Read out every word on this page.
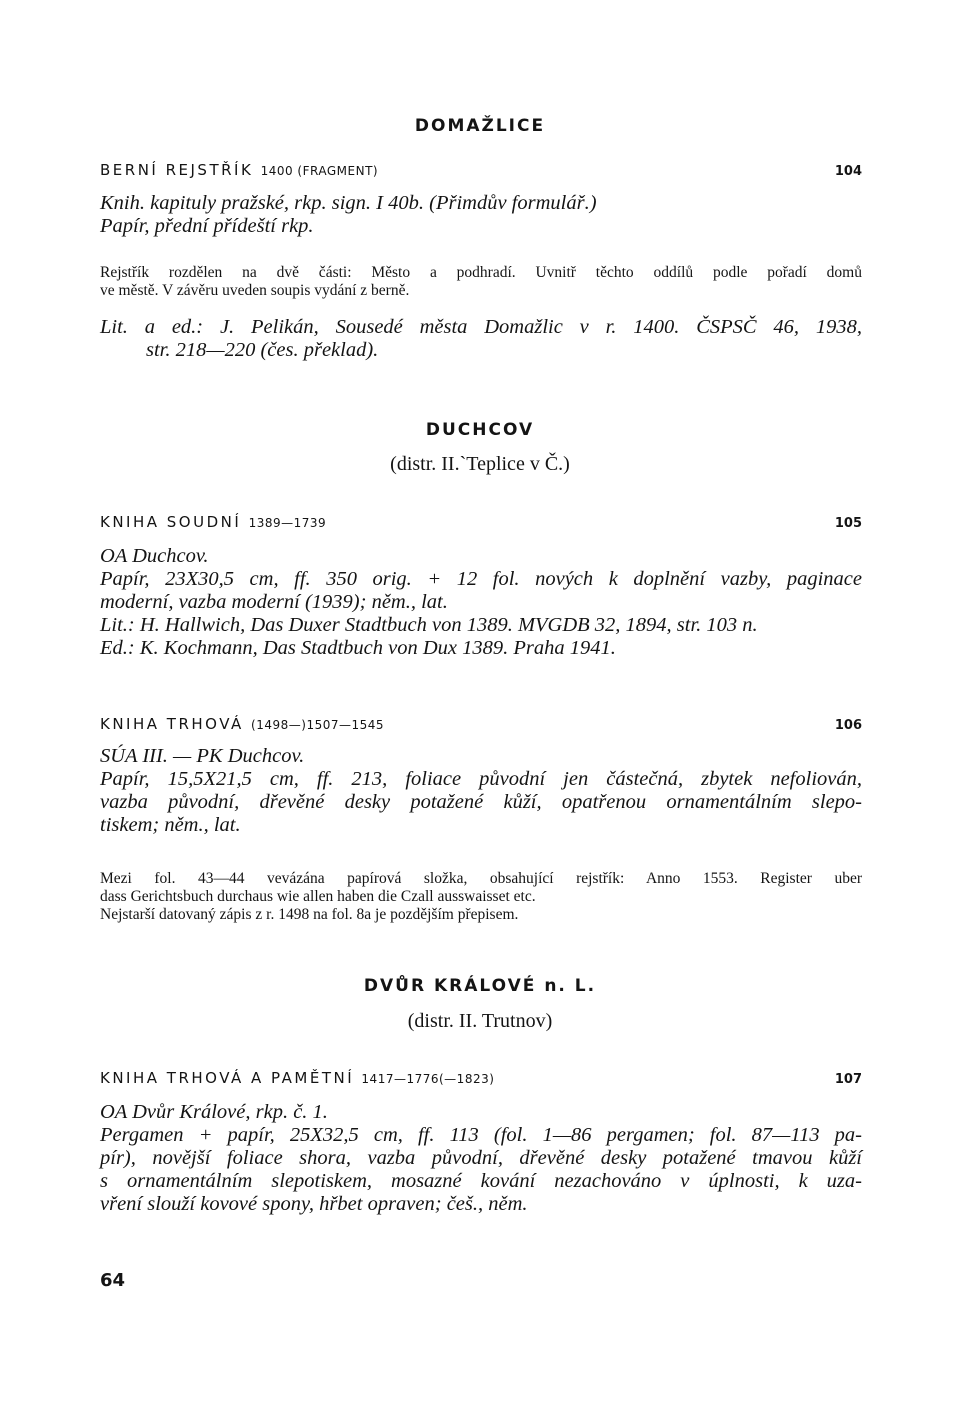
DOMAŽLICE
BERNÍ REJSTŘÍK 1400 (FRAGMENT)	104
Knih. kapituly pražské, rkp. sign. I 40b. (Přimdův formulář.)
Papír, přední přídeští rkp.
Rejstřík rozdělen na dvě části: Město a podhradí. Uvnitř těchto oddílů podle pořadí domů
ve městě. V závěru uveden soupis vydání z berně.
Lit. a ed.: J. Pelikán, Sousedé města Domažlic v r. 1400. ČSPSČ 46, 1938,
str. 218—220 (čes. překlad).
DUCHCOV
(distr. II.`Teplice v Č.)
KNIHA SOUDNÍ 1389—1739	105
OA Duchcov.
Papír, 23X30,5 cm, ff. 350 orig. + 12 fol. nových k doplnění vazby, paginace
moderní, vazba moderní (1939); něm., lat.
Lit.: H. Hallwich, Das Duxer Stadtbuch von 1389. MVGDB 32, 1894, str. 103 n.
Ed.: K. Kochmann, Das Stadtbuch von Dux 1389. Praha 1941.
KNIHA TRHOVÁ (1498—)1507—1545	106
SÚA III. — PK Duchcov.
Papír, 15,5X21,5 cm, ff. 213, foliace původní jen částečná, zbytek nefoliován,
vazba původní, dřevěné desky potažené kůží, opatřenou ornamentálním slepo-
tiskem; něm., lat.
Mezi fol. 43—44 vevázána papírová složka, obsahující rejstřík: Anno 1553. Register uber
dass Gerichtsbuch durchaus wie allen haben die Czall ausswaisset etc.
Nejstarší datovaný zápis z r. 1498 na fol. 8a je pozdějším přepisem.
DVŮR KRÁLOVÉ n. L.
(distr. II. Trutnov)
KNIHA TRHOVÁ A PAMĚTNÍ 1417—1776(—1823)	107
OA Dvůr Králové, rkp. č. 1.
Pergamen + papír, 25X32,5 cm, ff. 113 (fol. 1—86 pergamen; fol. 87—113 pa-
pír), novější foliace shora, vazba původní, dřevěné desky potažené tmavou kůží
s ornamentálním slepotiskem, mosazné kování nezachováno v úplnosti, k uza-
vření slouží kovové spony, hřbet opraven; češ., něm.
64
